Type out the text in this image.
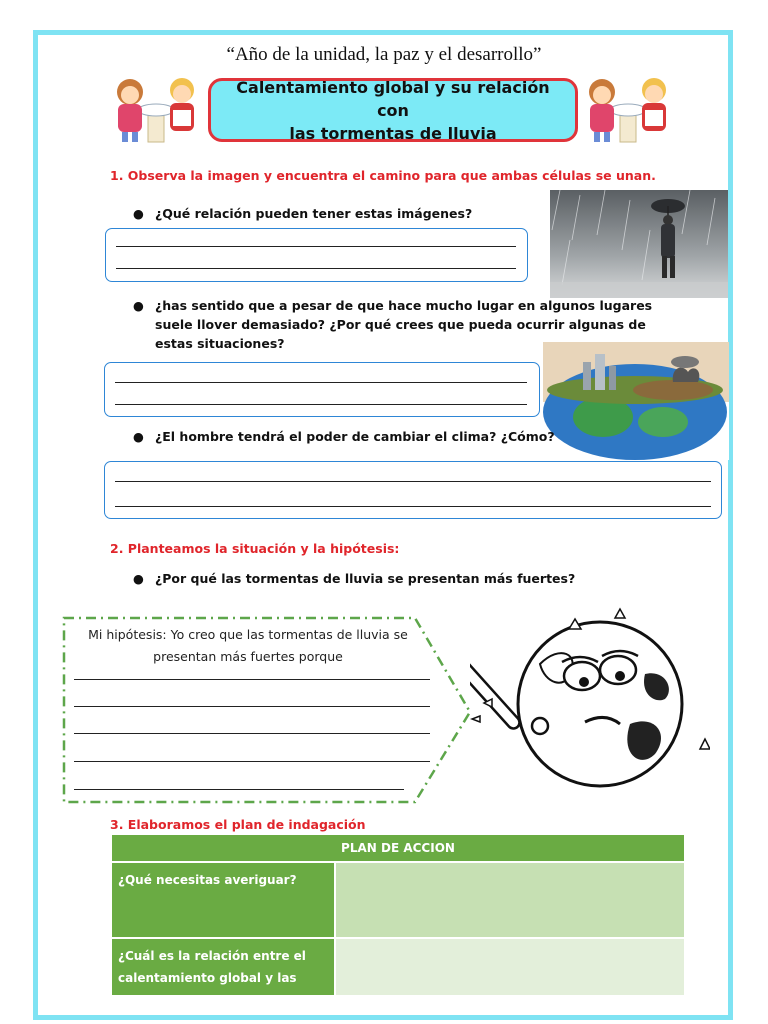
“Año de la unidad, la paz y el desarrollo”
Calentamiento global y su relación con
las tormentas de lluvia
1. Observa la imagen y encuentra el camino para que ambas células se unan.
● ¿Qué relación pueden tener estas imágenes?
● ¿has sentido que a pesar de que hace mucho lugar en algunos lugares
suele llover demasiado? ¿Por qué crees que pueda ocurrir algunas de
estas situaciones?
● ¿El hombre tendrá el poder de cambiar el clima? ¿Cómo?
2. Planteamos la situación y la hipótesis:
● ¿Por qué las tormentas de lluvia se presentan más fuertes?
Mi hipótesis: Yo creo que las tormentas de lluvia se
presentan más fuertes porque
3. Elaboramos el plan de indagación
PLAN DE ACCION	
¿Qué necesitas averiguar?	

¿Cuál es la relación entre el
calentamiento global y las	
